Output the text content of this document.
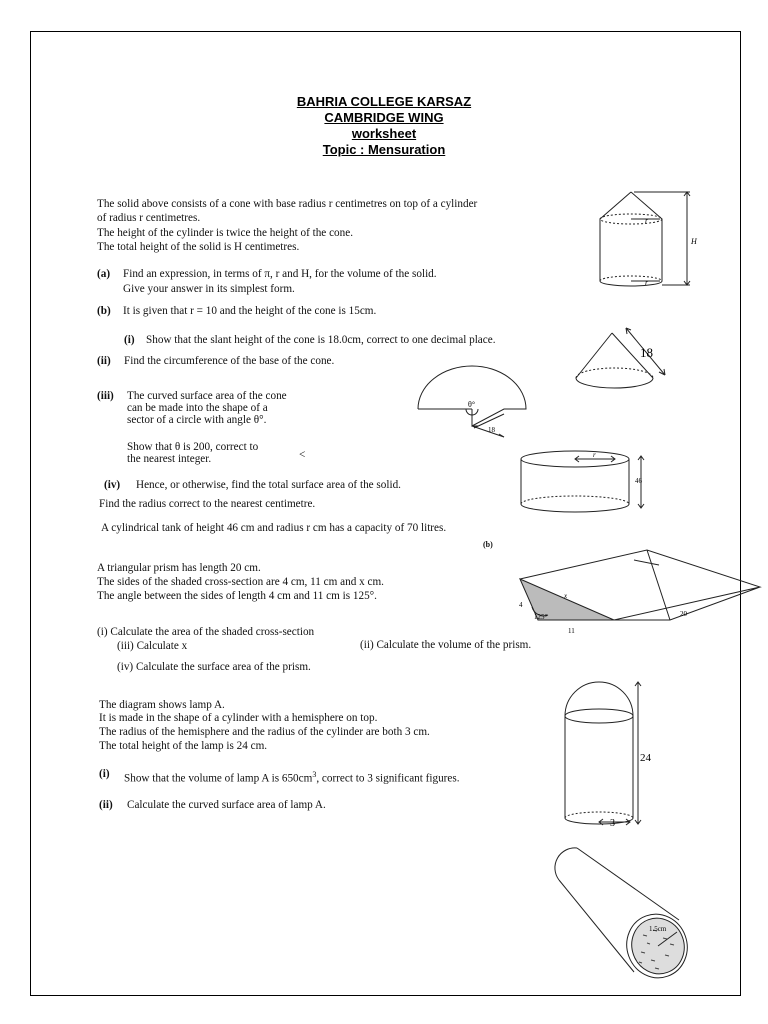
BAHRIA COLLEGE KARSAZ
CAMBRIDGE WING
worksheet
Topic : Mensuration
The solid above consists of a cone with base radius r centimetres on top of a cylinder
of radius r centimetres.
The height of the cylinder is twice the height of the cone.
The total height of the solid is H centimetres.
(a) Find an expression, in terms of π, r and H, for the volume of the solid.
Give your answer in its simplest form.
(b) It is given that r = 10 and the height of the cone is 15cm.
(i) Show that the slant height of the cone is 18.0cm, correct to one decimal place.
(ii) Find the circumference of the base of the cone.
(iii) The curved surface area of the cone
can be made into the shape of a
sector of a circle with angle θ°.
Show that θ is 200, correct to
the nearest integer.	<
(iv) Hence, or otherwise, find the total surface area of the solid.
Find the radius correct to the nearest centimetre.
A cylindrical tank of height 46 cm and radius r cm has a capacity of 70 litres.
(b)
A triangular prism has length 20 cm.
The sides of the shaded cross-section are 4 cm, 11 cm and x cm.
The angle between the sides of length 4 cm and 11 cm is 125°.
(i) Calculate the area of the shaded cross-section
(iii) Calculate x	(ii) Calculate the volume of the prism.
(iv) Calculate the surface area of the prism.
The diagram shows lamp A.
It is made in the shape of a cylinder with a hemisphere on top.
The radius of the hemisphere and the radius of the cylinder are both 3 cm.
The total height of the lamp is 24 cm.
(i) Show that the volume of lamp A is $650cm^3$, correct to 3 significant figures.
(ii) Calculate the curved surface area of lamp A.
r
r
H
18
θ°
18
r
46
4
125°
x
11
20
24
3
1.5cm
